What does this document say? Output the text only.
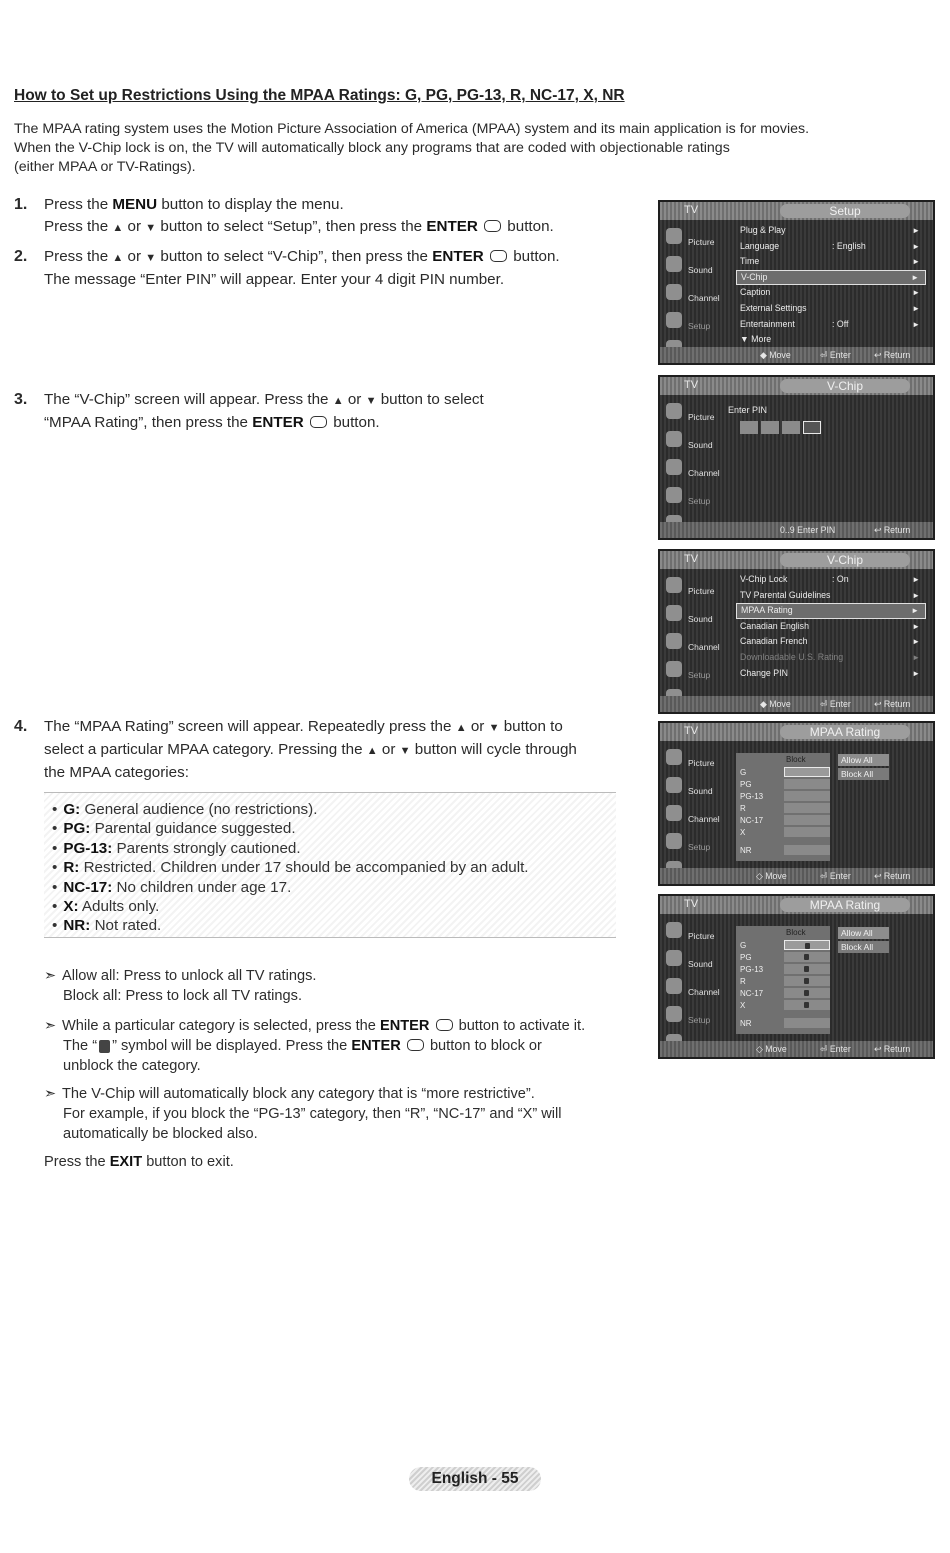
How to Set up Restrictions Using the MPAA Ratings: G, PG, PG-13, R, NC-17, X, NR
The MPAA rating system uses the Motion Picture Association of America (MPAA) system and its main application is for movies.
When the V-Chip lock is on, the TV will automatically block any programs that are coded with objectionable ratings
(either MPAA or TV-Ratings).
1. Press the MENU button to display the menu.
Press the ▲ or ▼ button to select “Setup”, then press the ENTER button.
2. Press the ▲ or ▼ button to select “V-Chip”, then press the ENTER button.
The message “Enter PIN” will appear. Enter your 4 digit PIN number.
3. The “V-Chip” screen will appear. Press the ▲ or ▼ button to select
“MPAA Rating”, then press the ENTER button.
4. The “MPAA Rating” screen will appear. Repeatedly press the ▲ or ▼ button to
select a particular MPAA category. Pressing the ▲ or ▼ button will cycle through
the MPAA categories:
• G: General audience (no restrictions).
• PG: Parental guidance suggested.
• PG-13: Parents strongly cautioned.
• R: Restricted. Children under 17 should be accompanied by an adult.
• NC-17: No children under age 17.
• X: Adults only.
• NR: Not rated.
➣ Allow all: Press to unlock all TV ratings.
Block all: Press to lock all TV ratings.
➣ While a particular category is selected, press the ENTER button to activate it.
The “ ” symbol will be displayed. Press the ENTER button to block or
unblock the category.
➣ The V-Chip will automatically block any category that is “more restrictive”.
For example, if you block the “PG-13” category, then “R”, “NC-17” and “X” will
automatically be blocked also.
Press the EXIT button to exit.
English - 55
TV	Setup
Picture
Sound
Channel
Setup
Plug & Play	►
Language	: English	►
Time	►
V-Chip	►
Caption	►
External Settings	►
Entertainment	: Off	►
▼ More
◆ Move	⏎ Enter	↩ Return
TV	V-Chip
Picture
Sound
Channel
Setup
Enter PIN
0..9 Enter PIN	↩ Return
TV	V-Chip
Picture
Sound
Channel
Setup
V-Chip Lock	: On	►
TV Parental Guidelines	►
MPAA Rating	►
Canadian English	►
Canadian French	►
Downloadable U.S. Rating	►
Change PIN	►
◆ Move	⏎ Enter	↩ Return
TV	MPAA Rating
Picture
Sound
Channel
Setup
Block
G
PG
PG-13
R
NC-17
X
NR
Allow All
Block All
◇ Move	⏎ Enter	↩ Return
TV	MPAA Rating
Picture
Sound
Channel
Setup
Block
G
PG
PG-13
R
NC-17
X
NR
Allow All
Block All
◇ Move	⏎ Enter	↩ Return
